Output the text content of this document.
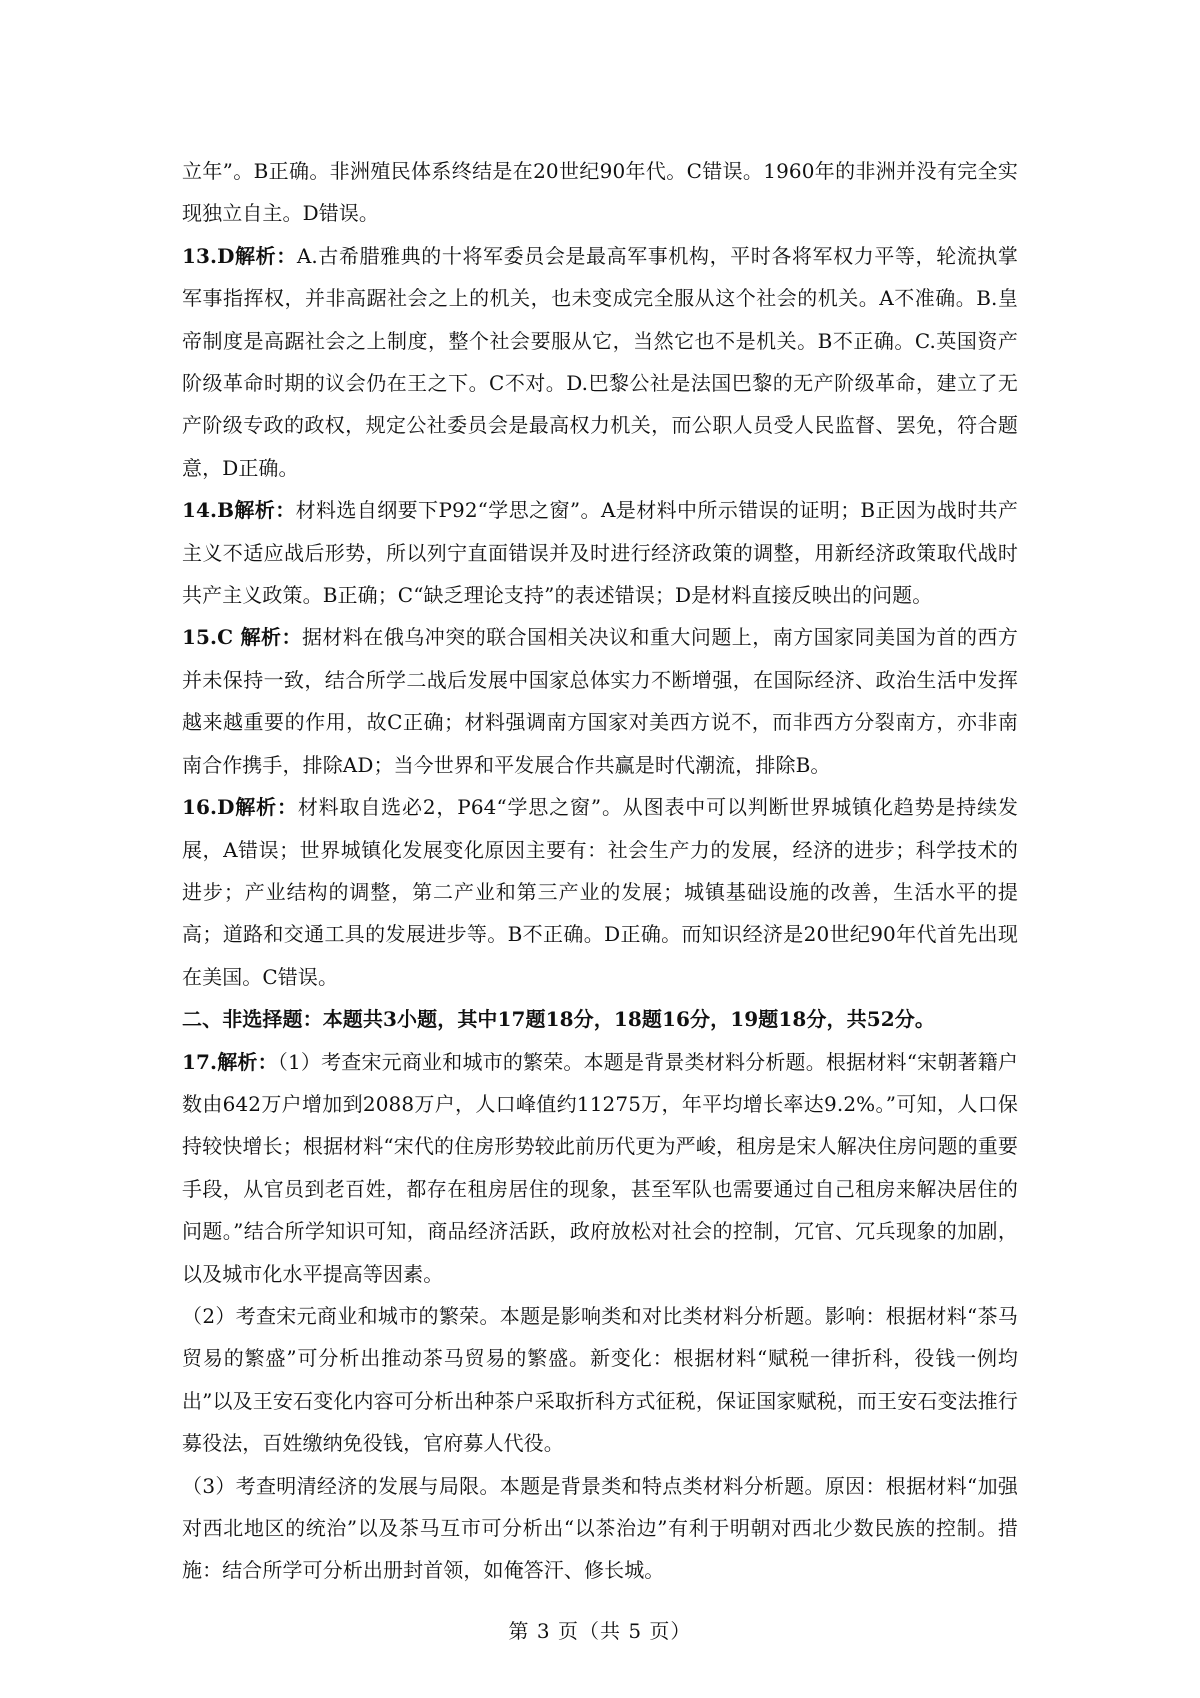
立年”。B正确。非洲殖民体系终结是在20世纪90年代。C错误。1960年的非洲并没有完全实现独立自主。D错误。

13.D解析：A.古希腊雅典的十将军委员会是最高军事机构，平时各将军权力平等，轮流执掌军事指挥权，并非高踞社会之上的机关，也未变成完全服从这个社会的机关。A不准确。B.皇帝制度是高踞社会之上制度，整个社会要服从它，当然它也不是机关。B不正确。C.英国资产阶级革命时期的议会仍在王之下。C不对。D.巴黎公社是法国巴黎的无产阶级革命，建立了无产阶级专政的政权，规定公社委员会是最高权力机关，而公职人员受人民监督、罢免，符合题意，D正确。

14.B解析：材料选自纲要下P92“学思之窗”。A是材料中所示错误的证明；B正因为战时共产主义不适应战后形势，所以列宁直面错误并及时进行经济政策的调整，用新经济政策取代战时共产主义政策。B正确；C“缺乏理论支持”的表述错误；D是材料直接反映出的问题。

15.C 解析：据材料在俄乌冲突的联合国相关决议和重大问题上，南方国家同美国为首的西方并未保持一致，结合所学二战后发展中国家总体实力不断增强，在国际经济、政治生活中发挥越来越重要的作用，故C正确；材料强调南方国家对美西方说不，而非西方分裂南方，亦非南南合作携手，排除AD；当今世界和平发展合作共赢是时代潮流，排除B。

16.D解析：材料取自选必2，P64“学思之窗”。从图表中可以判断世界城镇化趋势是持续发展，A错误；世界城镇化发展变化原因主要有：社会生产力的发展，经济的进步；科学技术的进步；产业结构的调整，第二产业和第三产业的发展；城镇基础设施的改善，生活水平的提高；道路和交通工具的发展进步等。B不正确。D正确。而知识经济是20世纪90年代首先出现在美国。C错误。

二、非选择题：本题共3小题，其中17题18分，18题16分，19题18分，共52分。

17.解析：（1）考查宋元商业和城市的繁荣。本题是背景类材料分析题。根据材料“宋朝著籍户数由642万户增加到2088万户，人口峰值约11275万，年平均增长率达9.2%。”可知，人口保持较快增长；根据材料“宋代的住房形势较此前历代更为严峻，租房是宋人解决住房问题的重要手段，从官员到老百姓，都存在租房居住的现象，甚至军队也需要通过自己租房来解决居住的问题。”结合所学知识可知，商品经济活跃，政府放松对社会的控制，冗官、冗兵现象的加剧，以及城市化水平提高等因素。

（2）考查宋元商业和城市的繁荣。本题是影响类和对比类材料分析题。影响：根据材料“茶马贸易的繁盛”可分析出推动茶马贸易的繁盛。新变化：根据材料“赋税一律折科，役钱一例均出”以及王安石变化内容可分析出种茶户采取折科方式征税，保证国家赋税，而王安石变法推行募役法，百姓缴纳免役钱，官府募人代役。

（3）考查明清经济的发展与局限。本题是背景类和特点类材料分析题。原因：根据材料“加强对西北地区的统治”以及茶马互市可分析出“以茶治边”有利于明朝对西北少数民族的控制。措施：结合所学可分析出册封首领，如俺答汗、修长城。

第 3 页（共 5 页）
